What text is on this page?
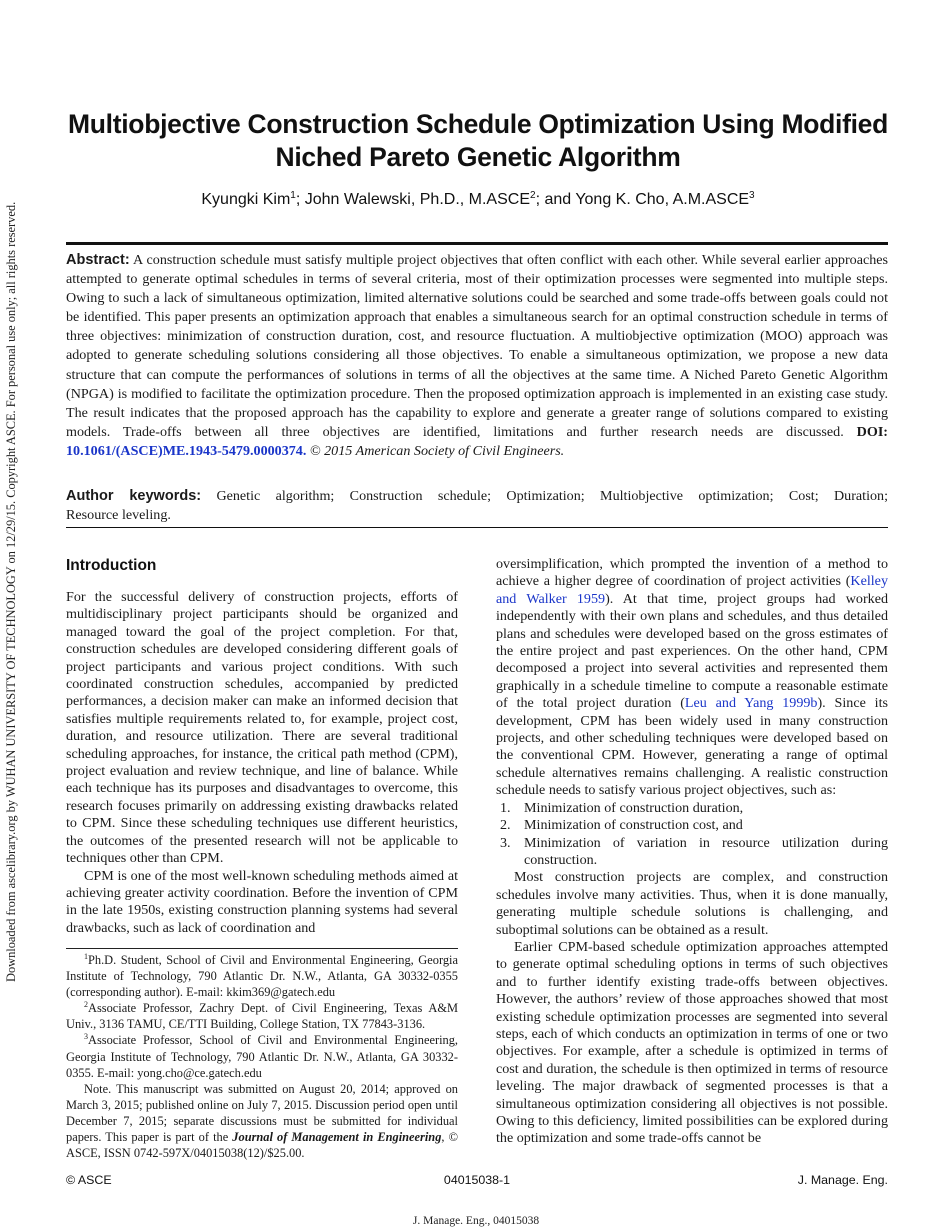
Downloaded from ascelibrary.org by WUHAN UNIVERSITY OF TECHNOLOGY on 12/29/15. Copyright ASCE. For personal use only; all rights reserved.
Multiobjective Construction Schedule Optimization Using Modified Niched Pareto Genetic Algorithm
Kyungki Kim$^1$; John Walewski, Ph.D., M.ASCE$^2$; and Yong K. Cho, A.M.ASCE$^3$
Abstract: A construction schedule must satisfy multiple project objectives that often conflict with each other. While several earlier approaches attempted to generate optimal schedules in terms of several criteria, most of their optimization processes were segmented into multiple steps. Owing to such a lack of simultaneous optimization, limited alternative solutions could be searched and some trade-offs between goals could not be identified. This paper presents an optimization approach that enables a simultaneous search for an optimal construction schedule in terms of three objectives: minimization of construction duration, cost, and resource fluctuation. A multiobjective optimization (MOO) approach was adopted to generate scheduling solutions considering all those objectives. To enable a simultaneous optimization, we propose a new data structure that can compute the performances of solutions in terms of all the objectives at the same time. A Niched Pareto Genetic Algorithm (NPGA) is modified to facilitate the optimization procedure. Then the proposed optimization approach is implemented in an existing case study. The result indicates that the proposed approach has the capability to explore and generate a greater range of solutions compared to existing models. Trade-offs between all three objectives are identified, limitations and further research needs are discussed. DOI: 10.1061/(ASCE)ME.1943-5479.0000374. © 2015 American Society of Civil Engineers.
Author keywords: Genetic algorithm; Construction schedule; Optimization; Multiobjective optimization; Cost; Duration;
Resource leveling.
Introduction

For the successful delivery of construction projects, efforts of multidisciplinary project participants should be organized and managed toward the goal of the project completion. For that, construction schedules are developed considering different goals of project participants and various project conditions. With such coordinated construction schedules, accompanied by predicted performances, a decision maker can make an informed decision that satisfies multiple requirements related to, for example, project cost, duration, and resource utilization. There are several traditional scheduling approaches, for instance, the critical path method (CPM), project evaluation and review technique, and line of balance. While each technique has its purposes and disadvantages to overcome, this research focuses primarily on addressing existing drawbacks related to CPM. Since these scheduling techniques use different heuristics, the outcomes of the presented research will not be applicable to techniques other than CPM.

CPM is one of the most well-known scheduling methods aimed at achieving greater activity coordination. Before the invention of CPM in the late 1950s, existing construction planning systems had several drawbacks, such as lack of coordination and

$^1$Ph.D. Student, School of Civil and Environmental Engineering, Georgia Institute of Technology, 790 Atlantic Dr. N.W., Atlanta, GA 30332-0355 (corresponding author). E-mail: kkim369@gatech.edu

$^2$Associate Professor, Zachry Dept. of Civil Engineering, Texas A&M Univ., 3136 TAMU, CE/TTI Building, College Station, TX 77843-3136.

$^3$Associate Professor, School of Civil and Environmental Engineering, Georgia Institute of Technology, 790 Atlantic Dr. N.W., Atlanta, GA 30332-0355. E-mail: yong.cho@ce.gatech.edu

Note. This manuscript was submitted on August 20, 2014; approved on March 3, 2015; published online on July 7, 2015. Discussion period open until December 7, 2015; separate discussions must be submitted for individual papers. This paper is part of the Journal of Management in Engineering, © ASCE, ISSN 0742-597X/04015038(12)/$25.00.

oversimplification, which prompted the invention of a method to achieve a higher degree of coordination of project activities (Kelley and Walker 1959). At that time, project groups had worked independently with their own plans and schedules, and thus detailed plans and schedules were developed based on the gross estimates of the entire project and past experiences. On the other hand, CPM decomposed a project into several activities and represented them graphically in a schedule timeline to compute a reasonable estimate of the total project duration (Leu and Yang 1999b). Since its development, CPM has been widely used in many construction projects, and other scheduling techniques were developed based on the conventional CPM. However, generating a range of optimal schedule alternatives remains challenging. A realistic construction schedule needs to satisfy various project objectives, such as:

1. Minimization of construction duration,
2. Minimization of construction cost, and
3. Minimization of variation in resource utilization during construction.

Most construction projects are complex, and construction schedules involve many activities. Thus, when it is done manually, generating multiple schedule solutions is challenging, and suboptimal solutions can be obtained as a result.

Earlier CPM-based schedule optimization approaches attempted to generate optimal scheduling options in terms of such objectives and to further identify existing trade-offs between objectives. However, the authors’ review of those approaches showed that most existing schedule optimization processes are segmented into several steps, each of which conducts an optimization in terms of one or two objectives. For example, after a schedule is optimized in terms of cost and duration, the schedule is then optimized in terms of resource leveling. The major drawback of segmented processes is that a simultaneous optimization considering all objectives is not possible. Owing to this deficiency, limited possibilities can be explored during the optimization and some trade-offs cannot be

© ASCE	04015038-1	J. Manage. Eng.
J. Manage. Eng., 04015038
